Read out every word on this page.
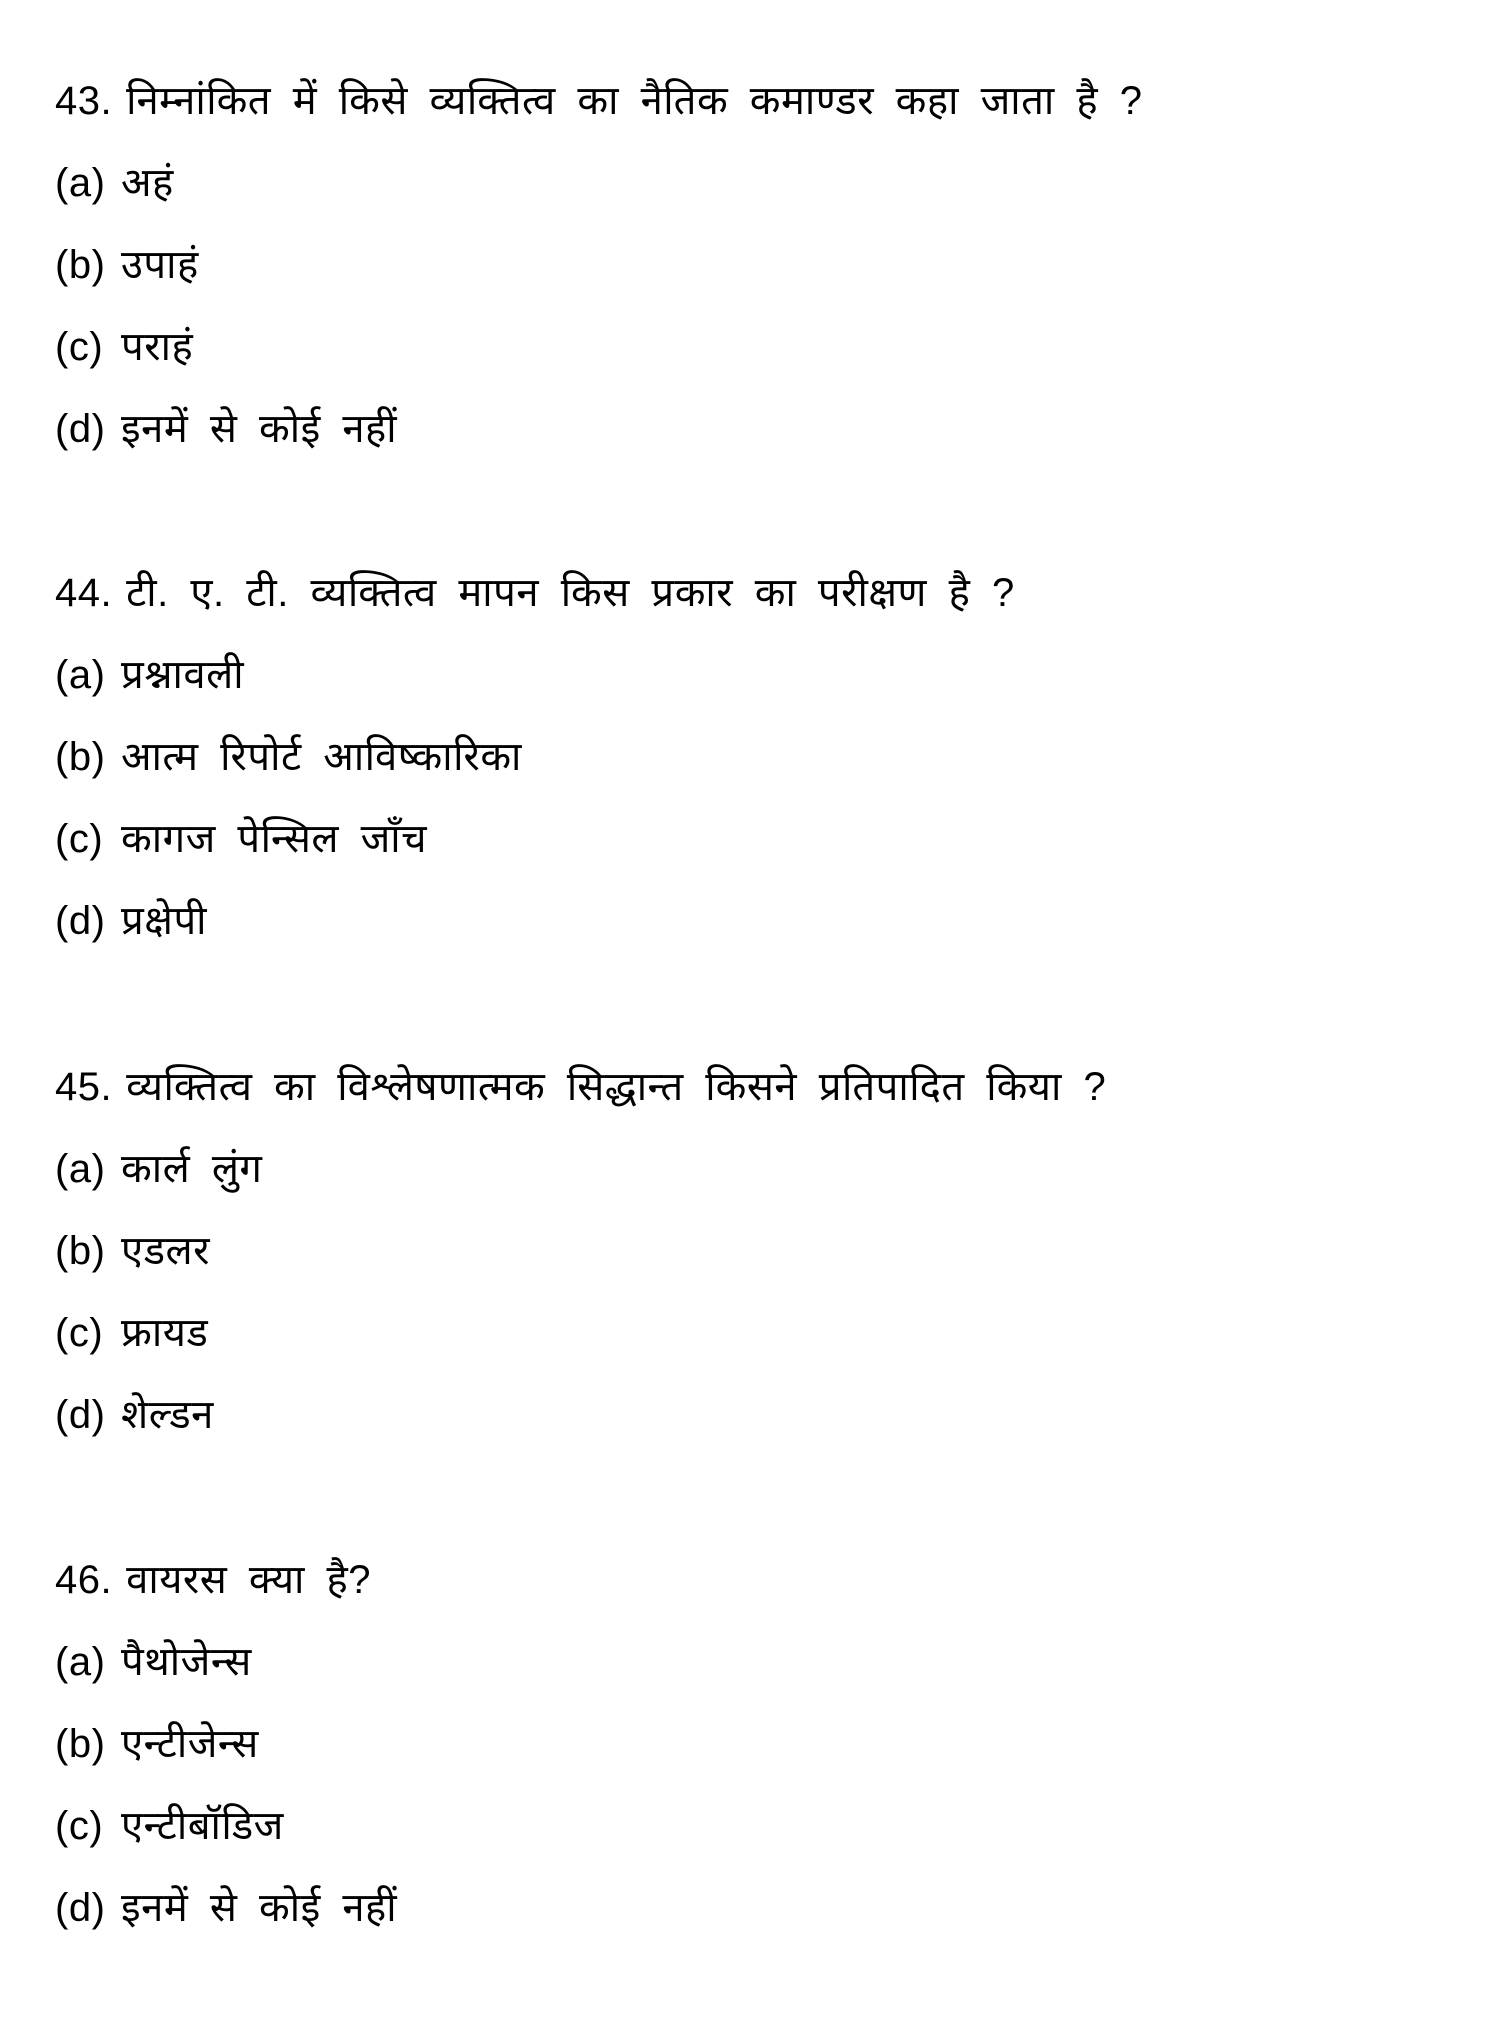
43. निम्नांकित में किसे व्यक्तित्व का नैतिक कमाण्डर कहा जाता है ?
(a) अहं
(b) उपाहं
(c) पराहं
(d) इनमें से कोई नहीं
44. टी. ए. टी. व्यक्तित्व मापन किस प्रकार का परीक्षण है ?
(a) प्रश्नावली
(b) आत्म रिपोर्ट आविष्कारिका
(c) कागज पेन्सिल जाँच
(d) प्रक्षेपी
45. व्यक्तित्व का विश्लेषणात्मक सिद्धान्त किसने प्रतिपादित किया ?
(a) कार्ल लुंग
(b) एडलर
(c) फ्रायड
(d) शेल्डन
46. वायरस क्या है?
(a) पैथोजेन्स
(b) एन्टीजेन्स
(c) एन्टीबॉडिज
(d) इनमें से कोई नहीं
